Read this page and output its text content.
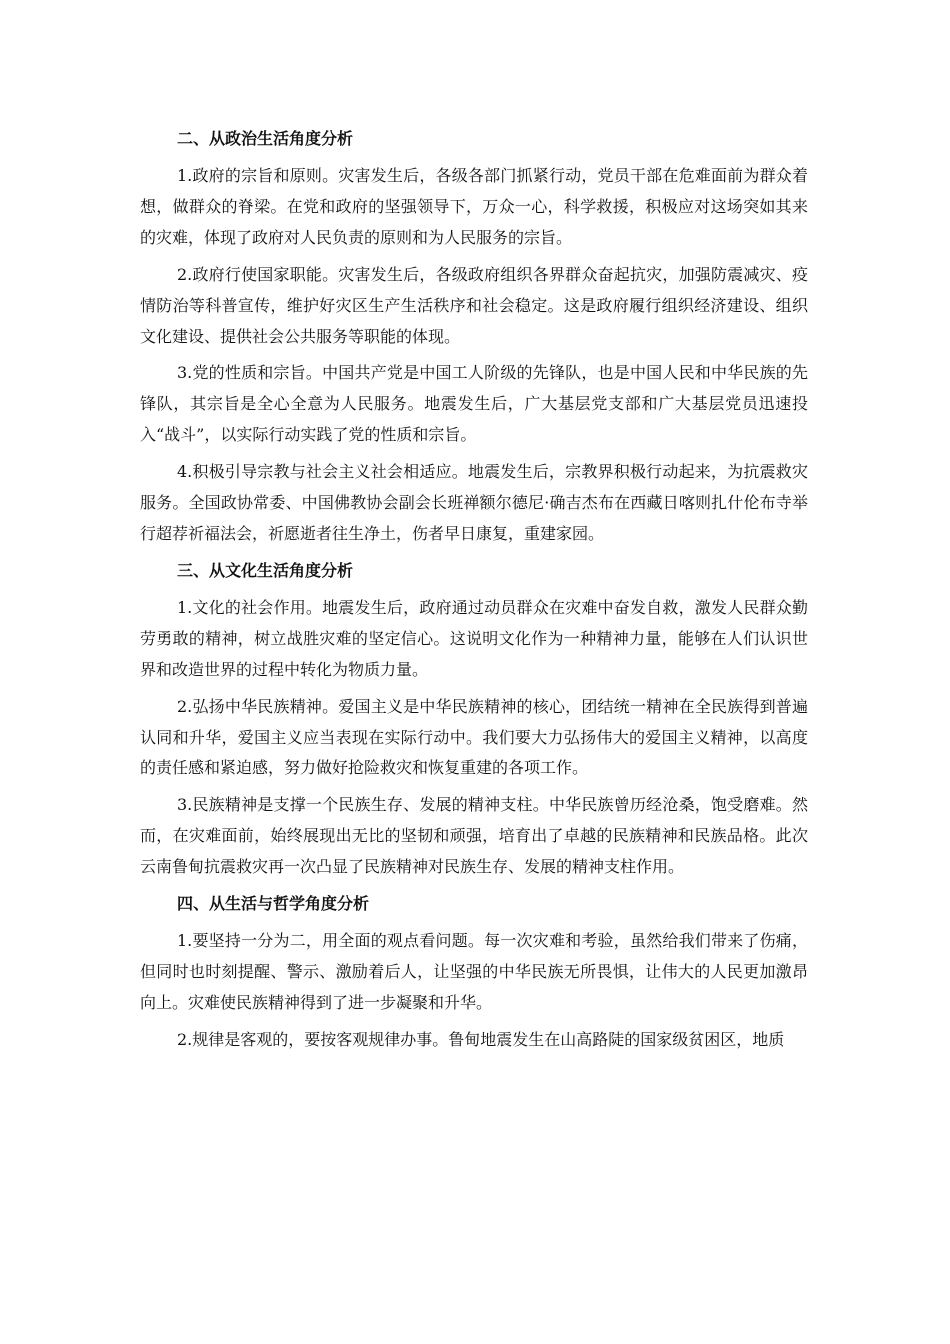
二、从政治生活角度分析

1.政府的宗旨和原则。灾害发生后，各级各部门抓紧行动，党员干部在危难面前为群众着想，做群众的脊梁。在党和政府的坚强领导下，万众一心，科学救援，积极应对这场突如其来的灾难，体现了政府对人民负责的原则和为人民服务的宗旨。

2.政府行使国家职能。灾害发生后，各级政府组织各界群众奋起抗灾，加强防震减灾、疫情防治等科普宣传，维护好灾区生产生活秩序和社会稳定。这是政府履行组织经济建设、组织文化建设、提供社会公共服务等职能的体现。

3.党的性质和宗旨。中国共产党是中国工人阶级的先锋队，也是中国人民和中华民族的先锋队，其宗旨是全心全意为人民服务。地震发生后，广大基层党支部和广大基层党员迅速投入“战斗”，以实际行动实践了党的性质和宗旨。

4.积极引导宗教与社会主义社会相适应。地震发生后，宗教界积极行动起来，为抗震救灾服务。全国政协常委、中国佛教协会副会长班禅额尔德尼·确吉杰布在西藏日喀则扎什伦布寺举行超荐祈福法会，祈愿逝者往生净土，伤者早日康复，重建家园。

三、从文化生活角度分析

1.文化的社会作用。地震发生后，政府通过动员群众在灾难中奋发自救，激发人民群众勤劳勇敢的精神，树立战胜灾难的坚定信心。这说明文化作为一种精神力量，能够在人们认识世界和改造世界的过程中转化为物质力量。

2.弘扬中华民族精神。爱国主义是中华民族精神的核心，团结统一精神在全民族得到普遍认同和升华，爱国主义应当表现在实际行动中。我们要大力弘扬伟大的爱国主义精神，以高度的责任感和紧迫感，努力做好抢险救灾和恢复重建的各项工作。

3.民族精神是支撑一个民族生存、发展的精神支柱。中华民族曾历经沧桑，饱受磨难。然而，在灾难面前，始终展现出无比的坚韧和顽强，培育出了卓越的民族精神和民族品格。此次云南鲁甸抗震救灾再一次凸显了民族精神对民族生存、发展的精神支柱作用。

四、从生活与哲学角度分析

1.要坚持一分为二，用全面的观点看问题。每一次灾难和考验，虽然给我们带来了伤痛，但同时也时刻提醒、警示、激励着后人，让坚强的中华民族无所畏惧，让伟大的人民更加激昂向上。灾难使民族精神得到了进一步凝聚和升华。

2.规律是客观的，要按客观规律办事。鲁甸地震发生在山高路陡的国家级贫困区，地质
